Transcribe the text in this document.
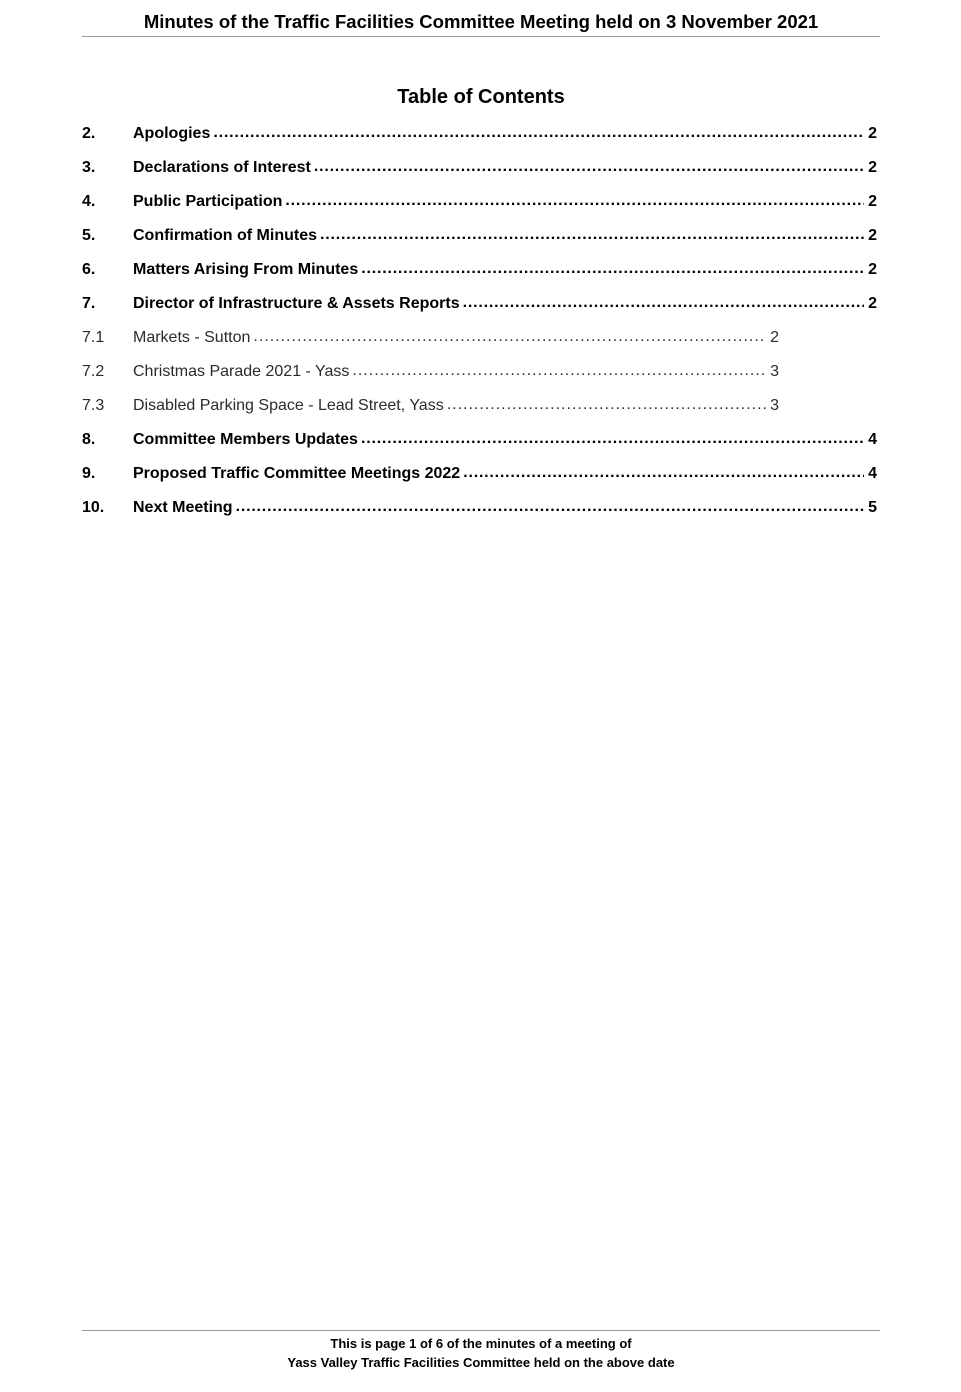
Minutes of the Traffic Facilities Committee Meeting held on 3 November 2021
Table of Contents
2.	Apologies .....	2
3.	Declarations of Interest .....	2
4.	Public Participation .....	2
5.	Confirmation of Minutes .....	2
6.	Matters Arising From Minutes .....	2
7.	Director of Infrastructure & Assets Reports .....	2
7.1	Markets - Sutton .....	2
7.2	Christmas Parade 2021 - Yass .....	3
7.3	Disabled Parking Space - Lead Street, Yass .....	3
8.	Committee Members Updates .....	4
9.	Proposed Traffic Committee Meetings 2022 .....	4
10.	Next Meeting .....	5
This is page 1 of 6 of the minutes of a meeting of
Yass Valley Traffic Facilities Committee held on the above date
